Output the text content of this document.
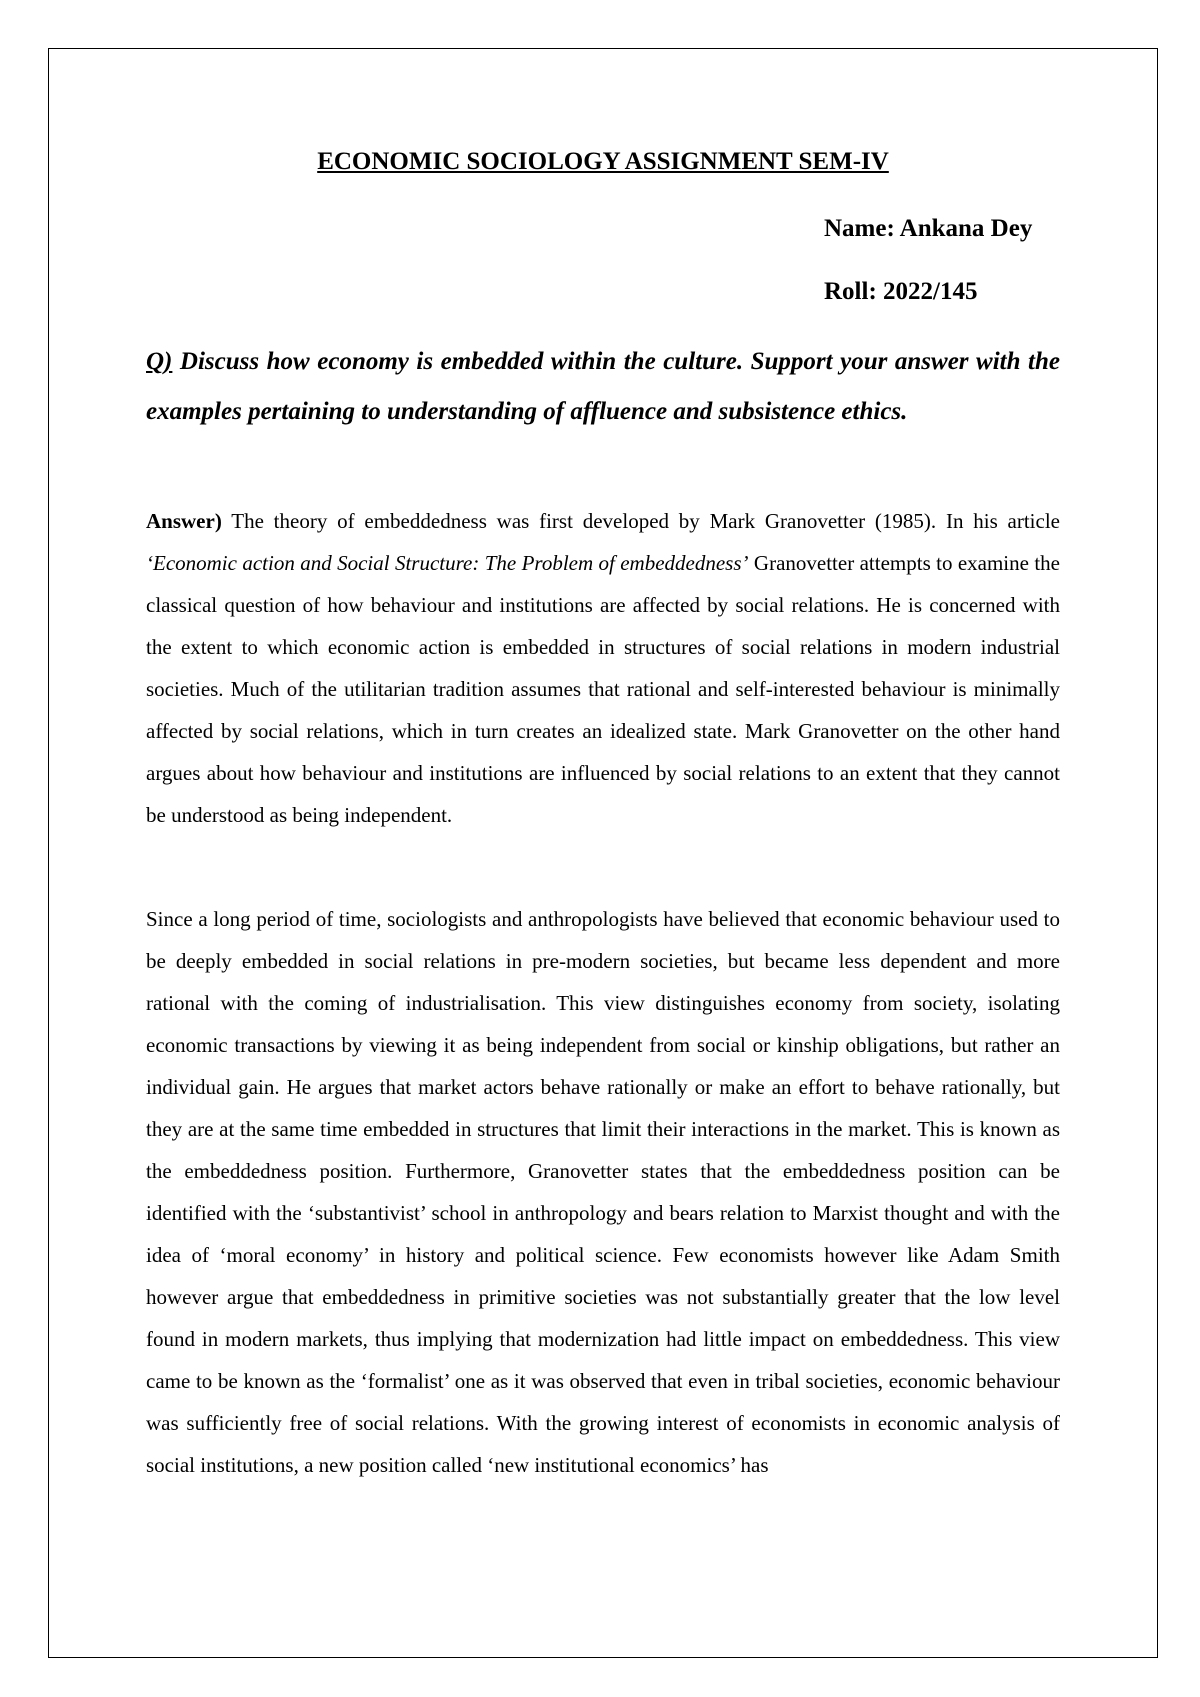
ECONOMIC SOCIOLOGY ASSIGNMENT SEM-IV

Name: Ankana Dey

Roll: 2022/145

Q) Discuss how economy is embedded within the culture. Support your answer with the examples pertaining to understanding of affluence and subsistence ethics.

Answer) The theory of embeddedness was first developed by Mark Granovetter (1985). In his article ‘Economic action and Social Structure: The Problem of embeddedness’ Granovetter attempts to examine the classical question of how behaviour and institutions are affected by social relations. He is concerned with the extent to which economic action is embedded in structures of social relations in modern industrial societies. Much of the utilitarian tradition assumes that rational and self-interested behaviour is minimally affected by social relations, which in turn creates an idealized state. Mark Granovetter on the other hand argues about how behaviour and institutions are influenced by social relations to an extent that they cannot be understood as being independent.

Since a long period of time, sociologists and anthropologists have believed that economic behaviour used to be deeply embedded in social relations in pre-modern societies, but became less dependent and more rational with the coming of industrialisation. This view distinguishes economy from society, isolating economic transactions by viewing it as being independent from social or kinship obligations, but rather an individual gain. He argues that market actors behave rationally or make an effort to behave rationally, but they are at the same time embedded in structures that limit their interactions in the market. This is known as the embeddedness position. Furthermore, Granovetter states that the embeddedness position can be identified with the ‘substantivist’ school in anthropology and bears relation to Marxist thought and with the idea of ‘moral economy’ in history and political science. Few economists however like Adam Smith however argue that embeddedness in primitive societies was not substantially greater that the low level found in modern markets, thus implying that modernization had little impact on embeddedness. This view came to be known as the ‘formalist’ one as it was observed that even in tribal societies, economic behaviour was sufficiently free of social relations. With the growing interest of economists in economic analysis of social institutions, a new position called ‘new institutional economics’ has
